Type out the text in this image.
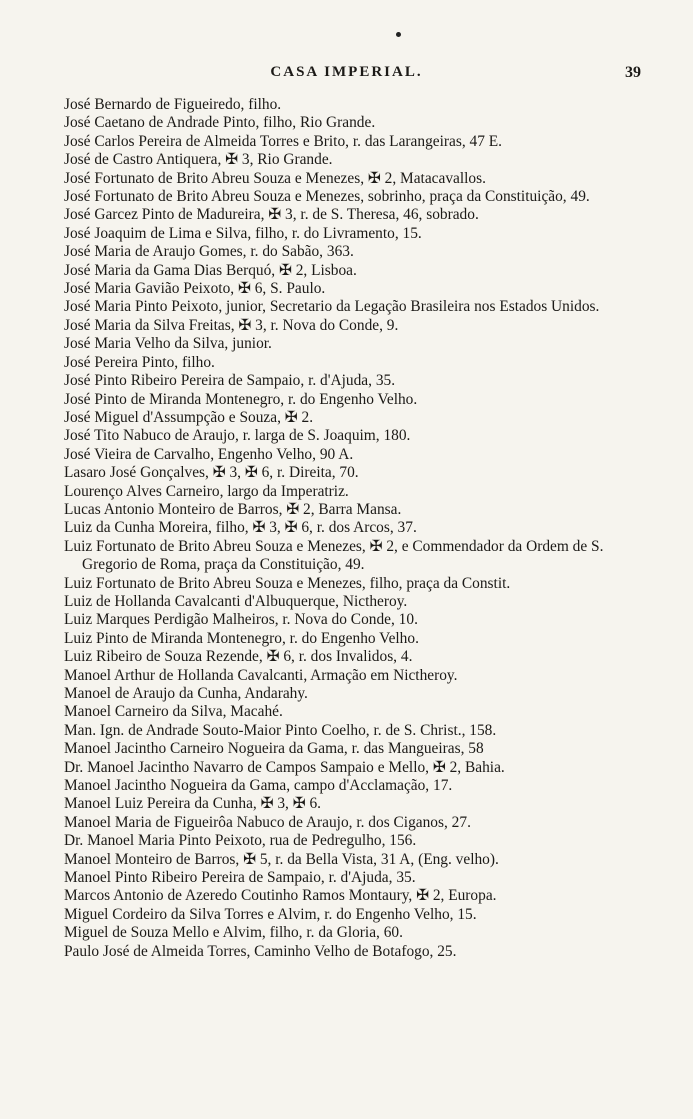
CASA IMPERIAL.	39
José Bernardo de Figueiredo, filho.
José Caetano de Andrade Pinto, filho, Rio Grande.
José Carlos Pereira de Almeida Torres e Brito, r. das Larangeiras, 47 E.
José de Castro Antiquera, ✠ 3, Rio Grande.
José Fortunato de Brito Abreu Souza e Menezes, ✠ 2, Matacavallos.
José Fortunato de Brito Abreu Souza e Menezes, sobrinho, praça da Constituição, 49.
José Garcez Pinto de Madureira, ✠ 3, r. de S. Theresa, 46, sobrado.
José Joaquim de Lima e Silva, filho, r. do Livramento, 15.
José Maria de Araujo Gomes, r. do Sabão, 363.
José Maria da Gama Dias Berquó, ✠ 2, Lisboa.
José Maria Gavião Peixoto, ✠ 6, S. Paulo.
José Maria Pinto Peixoto, junior, Secretario da Legação Brasileira nos Estados Unidos.
José Maria da Silva Freitas, ✠ 3, r. Nova do Conde, 9.
José Maria Velho da Silva, junior.
José Pereira Pinto, filho.
José Pinto Ribeiro Pereira de Sampaio, r. d'Ajuda, 35.
José Pinto de Miranda Montenegro, r. do Engenho Velho.
José Miguel d'Assumpção e Souza, ✠ 2.
José Tito Nabuco de Araujo, r. larga de S. Joaquim, 180.
José Vieira de Carvalho, Engenho Velho, 90 A.
Lasaro José Gonçalves, ✠ 3, ✠ 6, r. Direita, 70.
Lourenço Alves Carneiro, largo da Imperatriz.
Lucas Antonio Monteiro de Barros, ✠ 2, Barra Mansa.
Luiz da Cunha Moreira, filho, ✠ 3, ✠ 6, r. dos Arcos, 37.
Luiz Fortunato de Brito Abreu Souza e Menezes, ✠ 2, e Commendador da Ordem de S. Gregorio de Roma, praça da Constituição, 49.
Luiz Fortunato de Brito Abreu Souza e Menezes, filho, praça da Constit.
Luiz de Hollanda Cavalcanti d'Albuquerque, Nictheroy.
Luiz Marques Perdigão Malheiros, r. Nova do Conde, 10.
Luiz Pinto de Miranda Montenegro, r. do Engenho Velho.
Luiz Ribeiro de Souza Rezende, ✠ 6, r. dos Invalidos, 4.
Manoel Arthur de Hollanda Cavalcanti, Armação em Nictheroy.
Manoel de Araujo da Cunha, Andarahy.
Manoel Carneiro da Silva, Macahé.
Man. Ign. de Andrade Souto-Maior Pinto Coelho, r. de S. Christ., 158.
Manoel Jacintho Carneiro Nogueira da Gama, r. das Mangueiras, 58
Dr. Manoel Jacintho Navarro de Campos Sampaio e Mello, ✠ 2, Bahia.
Manoel Jacintho Nogueira da Gama, campo d'Acclamação, 17.
Manoel Luiz Pereira da Cunha, ✠ 3, ✠ 6.
Manoel Maria de Figueirôa Nabuco de Araujo, r. dos Ciganos, 27.
Dr. Manoel Maria Pinto Peixoto, rua de Pedregulho, 156.
Manoel Monteiro de Barros, ✠ 5, r. da Bella Vista, 31 A, (Eng. velho).
Manoel Pinto Ribeiro Pereira de Sampaio, r. d'Ajuda, 35.
Marcos Antonio de Azeredo Coutinho Ramos Montaury, ✠ 2, Europa.
Miguel Cordeiro da Silva Torres e Alvim, r. do Engenho Velho, 15.
Miguel de Souza Mello e Alvim, filho, r. da Gloria, 60.
Paulo José de Almeida Torres, Caminho Velho de Botafogo, 25.
